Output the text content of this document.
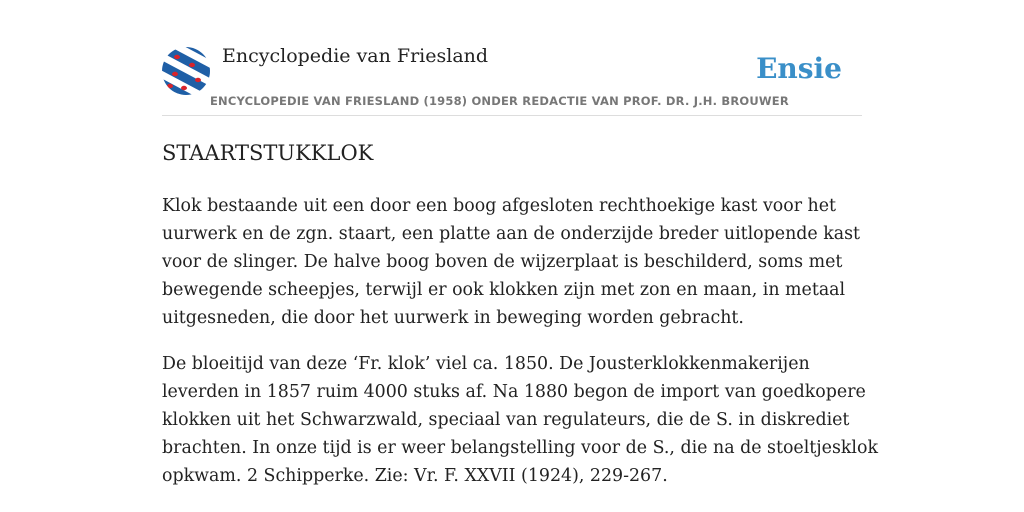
Encyclopedie van Friesland	Ensie
ENCYCLOPEDIE VAN FRIESLAND (1958) ONDER REDACTIE VAN PROF. DR. J.H. BROUWER
STAARTSTUKKLOK

Klok bestaande uit een door een boog afgesloten rechthoekige kast voor het
uurwerk en de zgn. staart, een platte aan de onderzijde breder uitlopende kast
voor de slinger. De halve boog boven de wijzerplaat is beschilderd, soms met
bewegende scheepjes, terwijl er ook klokken zijn met zon en maan, in metaal
uitgesneden, die door het uurwerk in beweging worden gebracht.

De bloeitijd van deze ‘Fr. klok’ viel ca. 1850. De Jousterklokkenmakerijen
leverden in 1857 ruim 4000 stuks af. Na 1880 begon de import van goedkopere
klokken uit het Schwarzwald, speciaal van regulateurs, die de S. in diskrediet
brachten. In onze tijd is er weer belangstelling voor de S., die na de stoeltjesklok
opkwam. 2 Schipperke. Zie: Vr. F. XXVII (1924), 229-267.
